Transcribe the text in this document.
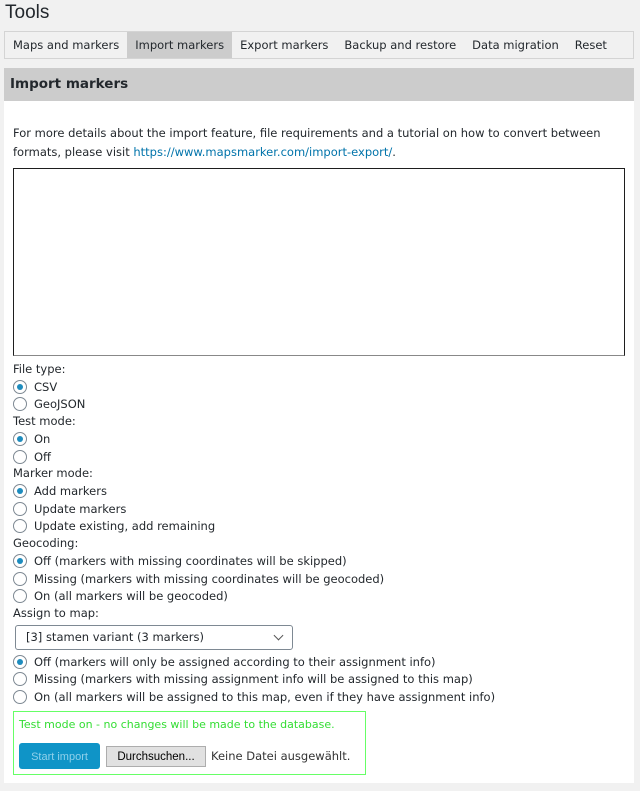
Tools
Maps and markers	Import markers	Export markers	Backup and restore	Data migration	Reset
Import markers
For more details about the import feature, file requirements and a tutorial on how to convert between formats, please visit https://www.mapsmarker.com/import-export/.
File type:
CSV
GeoJSON
Test mode:
On
Off
Marker mode:
Add markers
Update markers
Update existing, add remaining
Geocoding:
Off (markers with missing coordinates will be skipped)
Missing (markers with missing coordinates will be geocoded)
On (all markers will be geocoded)
Assign to map:
[3] stamen variant (3 markers)
Off (markers will only be assigned according to their assignment info)
Missing (markers with missing assignment info will be assigned to this map)
On (all markers will be assigned to this map, even if they have assignment info)
Test mode on - no changes will be made to the database.
Start import	Durchsuchen...	Keine Datei ausgewählt.
